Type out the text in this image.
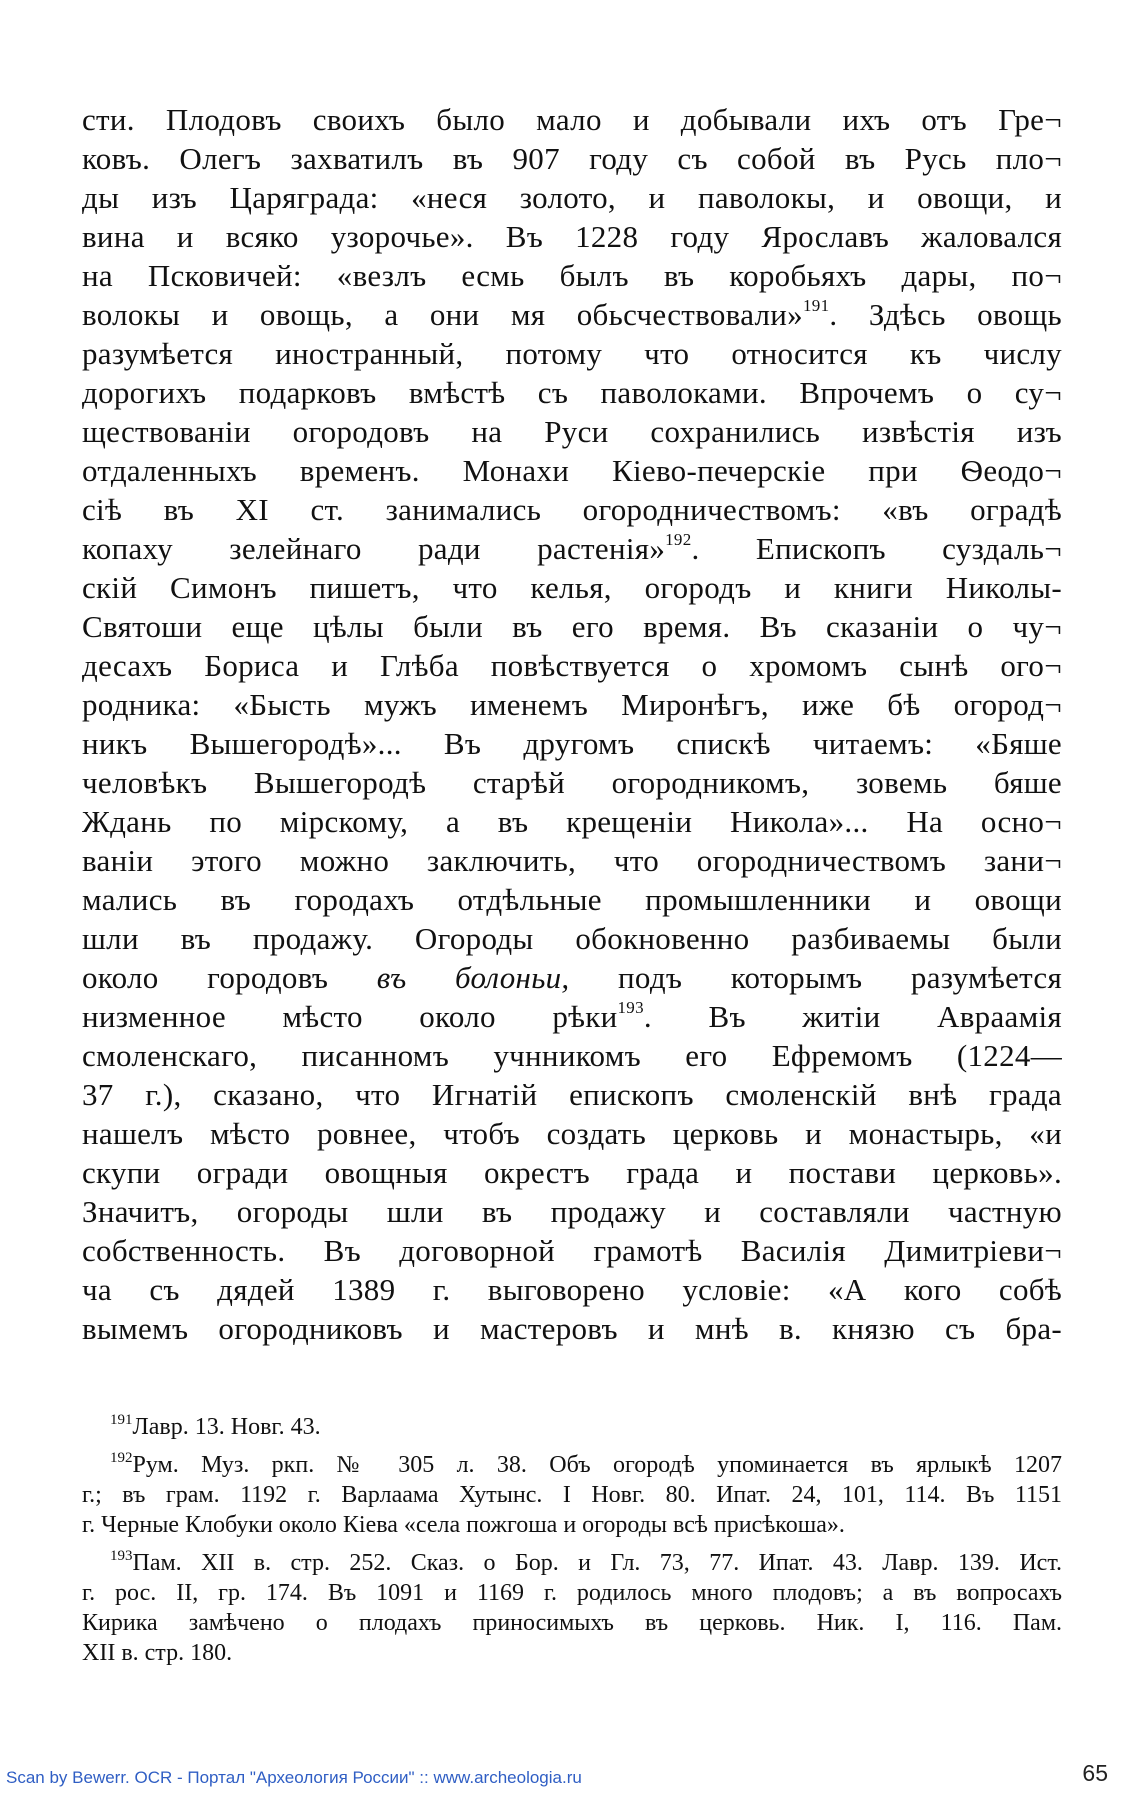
сти. Плодовъ своихъ было мало и добывали ихъ отъ Гре¬
ковъ. Олегъ захватилъ въ 907 году съ собой въ Русь пло¬
ды изъ Царяграда: «неся золото, и паволокы, и овощи, и
вина и всяко узорочье». Въ 1228 году Ярославъ жаловался
на Псковичей: «везлъ есмь былъ въ коробьяхъ дары, по¬
волокы и овощь, а они мя обьсчествовали»$^{191}$. Здѣсь овощь
разумѣется иностранный, потому что относится къ числу
дорогихъ подарковъ вмѣстѣ съ паволоками. Впрочемъ о су¬
ществованіи огородовъ на Руси сохранились извѣстія изъ
отдаленныхъ временъ. Монахи Кіево-печерскіе при Ѳеодо¬
сіѣ въ XI ст. занимались огородничествомъ: «въ оградѣ
копаху зелейнаго ради растенія»$^{192}$. Епископъ суздаль¬
скій Симонъ пишетъ, что келья, огородъ и книги Николы-
Святоши еще цѣлы были въ его время. Въ сказаніи о чу¬
десахъ Бориса и Глѣба повѣствуется о хромомъ сынѣ ого¬
родника: «Бысть мужъ именемъ Миронѣгъ, иже бѣ огород¬
никъ Вышегородѣ»... Въ другомъ спискѣ читаемъ: «Бяше
человѣкъ Вышегородѣ старѣй огородникомъ, зовемь бяше
Ждань по мірскому, а въ крещеніи Никола»... На осно¬
ваніи этого можно заключить, что огородничествомъ зани¬
мались въ городахъ отдѣльные промышленники и овощи
шли въ продажу. Огороды обокновенно разбиваемы были
около городовъ въ болоньи, подъ которымъ разумѣется
низменное мѣсто около рѣки$^{193}$. Въ житіи Авраамія
смоленскаго, писанномъ учнникомъ его Ефремомъ (1224—
37 г.), сказано, что Игнатій епископъ смоленскій внѣ града
нашелъ мѣсто ровнее, чтобъ создать церковь и монастырь, «и
скупи огради овощныя окрестъ града и постави церковь».
Значитъ, огороды шли въ продажу и составляли частную
собственность. Въ договорной грамотѣ Василія Димитріеви¬
ча съ дядей 1389 г. выговорено условіе: «А кого собѣ
вымемъ огородниковъ и мастеровъ и мнѣ в. князю съ бра-
$^{191}$Лавр. 13. Новг. 43.
$^{192}$Рум. Муз. ркп. № 305 л. 38. Объ огородѣ упоминается въ ярлыкѣ 1207
г.; въ грам. 1192 г. Варлаама Хутынс. I Новг. 80. Ипат. 24, 101, 114. Въ 1151
г. Черные Клобуки около Кіева «села пожгоша и огороды всѣ присѣкоша».
$^{193}$Пам. XII в. стр. 252. Сказ. о Бор. и Гл. 73, 77. Ипат. 43. Лавр. 139. Ист.
г. рос. II, гр. 174. Въ 1091 и 1169 г. родилось много плодовъ; а въ вопросахъ
Кирика замѣчено о плодахъ приносимыхъ въ церковь. Ник. I, 116. Пам.
XII в. стр. 180.
Scan by Bewerr. OCR - Портал "Археология России" :: www.archeologia.ru	65
